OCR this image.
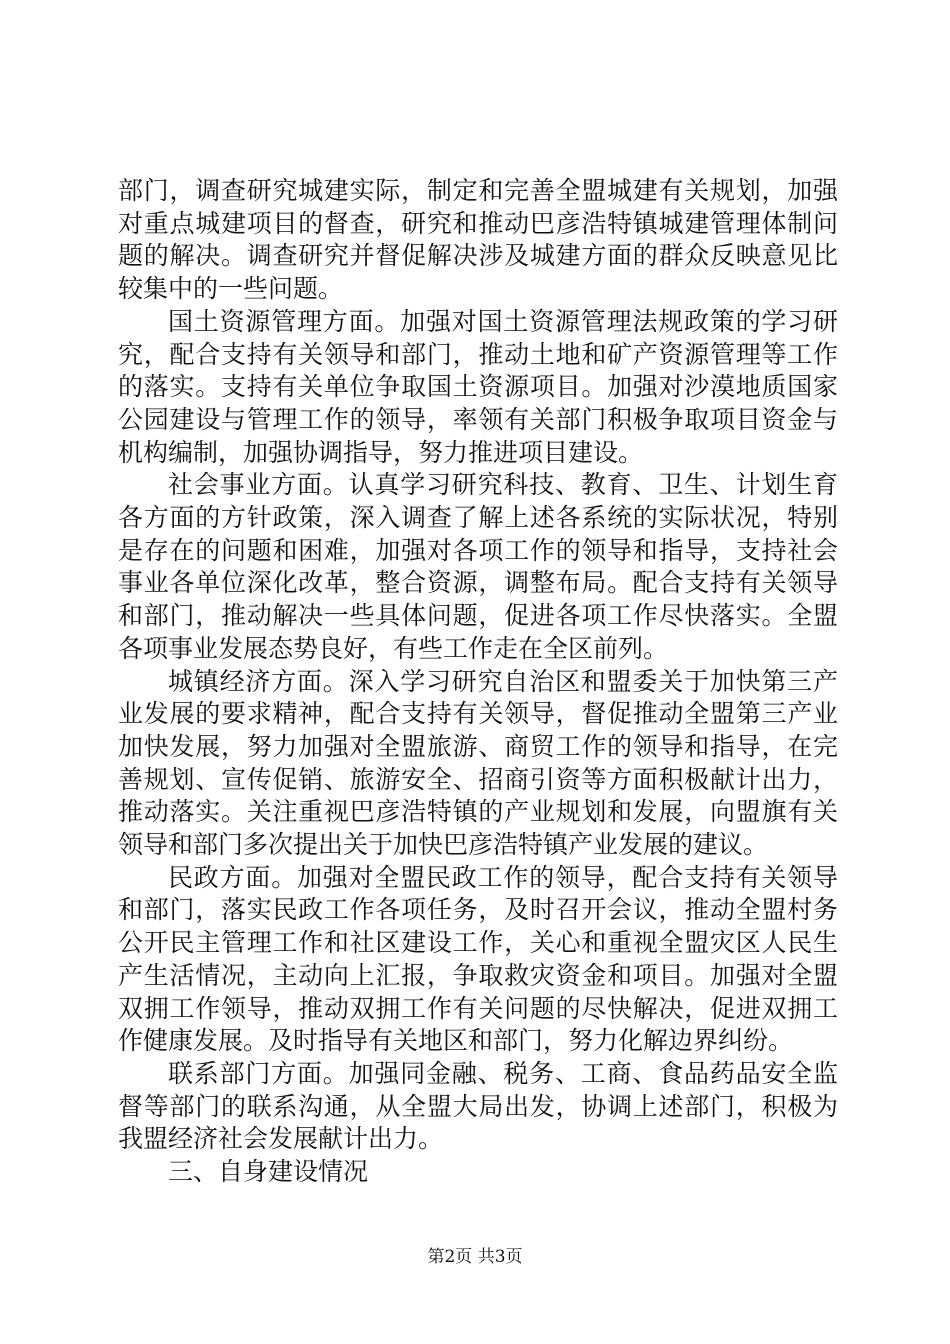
部门，调查研究城建实际，制定和完善全盟城建有关规划，加强对重点城建项目的督查，研究和推动巴彦浩特镇城建管理体制问题的解决。调查研究并督促解决涉及城建方面的群众反映意见比较集中的一些问题。

国土资源管理方面。加强对国土资源管理法规政策的学习研究，配合支持有关领导和部门，推动土地和矿产资源管理等工作的落实。支持有关单位争取国土资源项目。加强对沙漠地质国家公园建设与管理工作的领导，率领有关部门积极争取项目资金与机构编制，加强协调指导，努力推进项目建设。

社会事业方面。认真学习研究科技、教育、卫生、计划生育各方面的方针政策，深入调查了解上述各系统的实际状况，特别是存在的问题和困难，加强对各项工作的领导和指导，支持社会事业各单位深化改革，整合资源，调整布局。配合支持有关领导和部门，推动解决一些具体问题，促进各项工作尽快落实。全盟各项事业发展态势良好，有些工作走在全区前列。

城镇经济方面。深入学习研究自治区和盟委关于加快第三产业发展的要求精神，配合支持有关领导，督促推动全盟第三产业加快发展，努力加强对全盟旅游、商贸工作的领导和指导，在完善规划、宣传促销、旅游安全、招商引资等方面积极献计出力，推动落实。关注重视巴彦浩特镇的产业规划和发展，向盟旗有关领导和部门多次提出关于加快巴彦浩特镇产业发展的建议。

民政方面。加强对全盟民政工作的领导，配合支持有关领导和部门，落实民政工作各项任务，及时召开会议，推动全盟村务公开民主管理工作和社区建设工作，关心和重视全盟灾区人民生产生活情况，主动向上汇报，争取救灾资金和项目。加强对全盟双拥工作领导，推动双拥工作有关问题的尽快解决，促进双拥工作健康发展。及时指导有关地区和部门，努力化解边界纠纷。

联系部门方面。加强同金融、税务、工商、食品药品安全监督等部门的联系沟通，从全盟大局出发，协调上述部门，积极为我盟经济社会发展献计出力。

三、自身建设情况

第2页 共3页
